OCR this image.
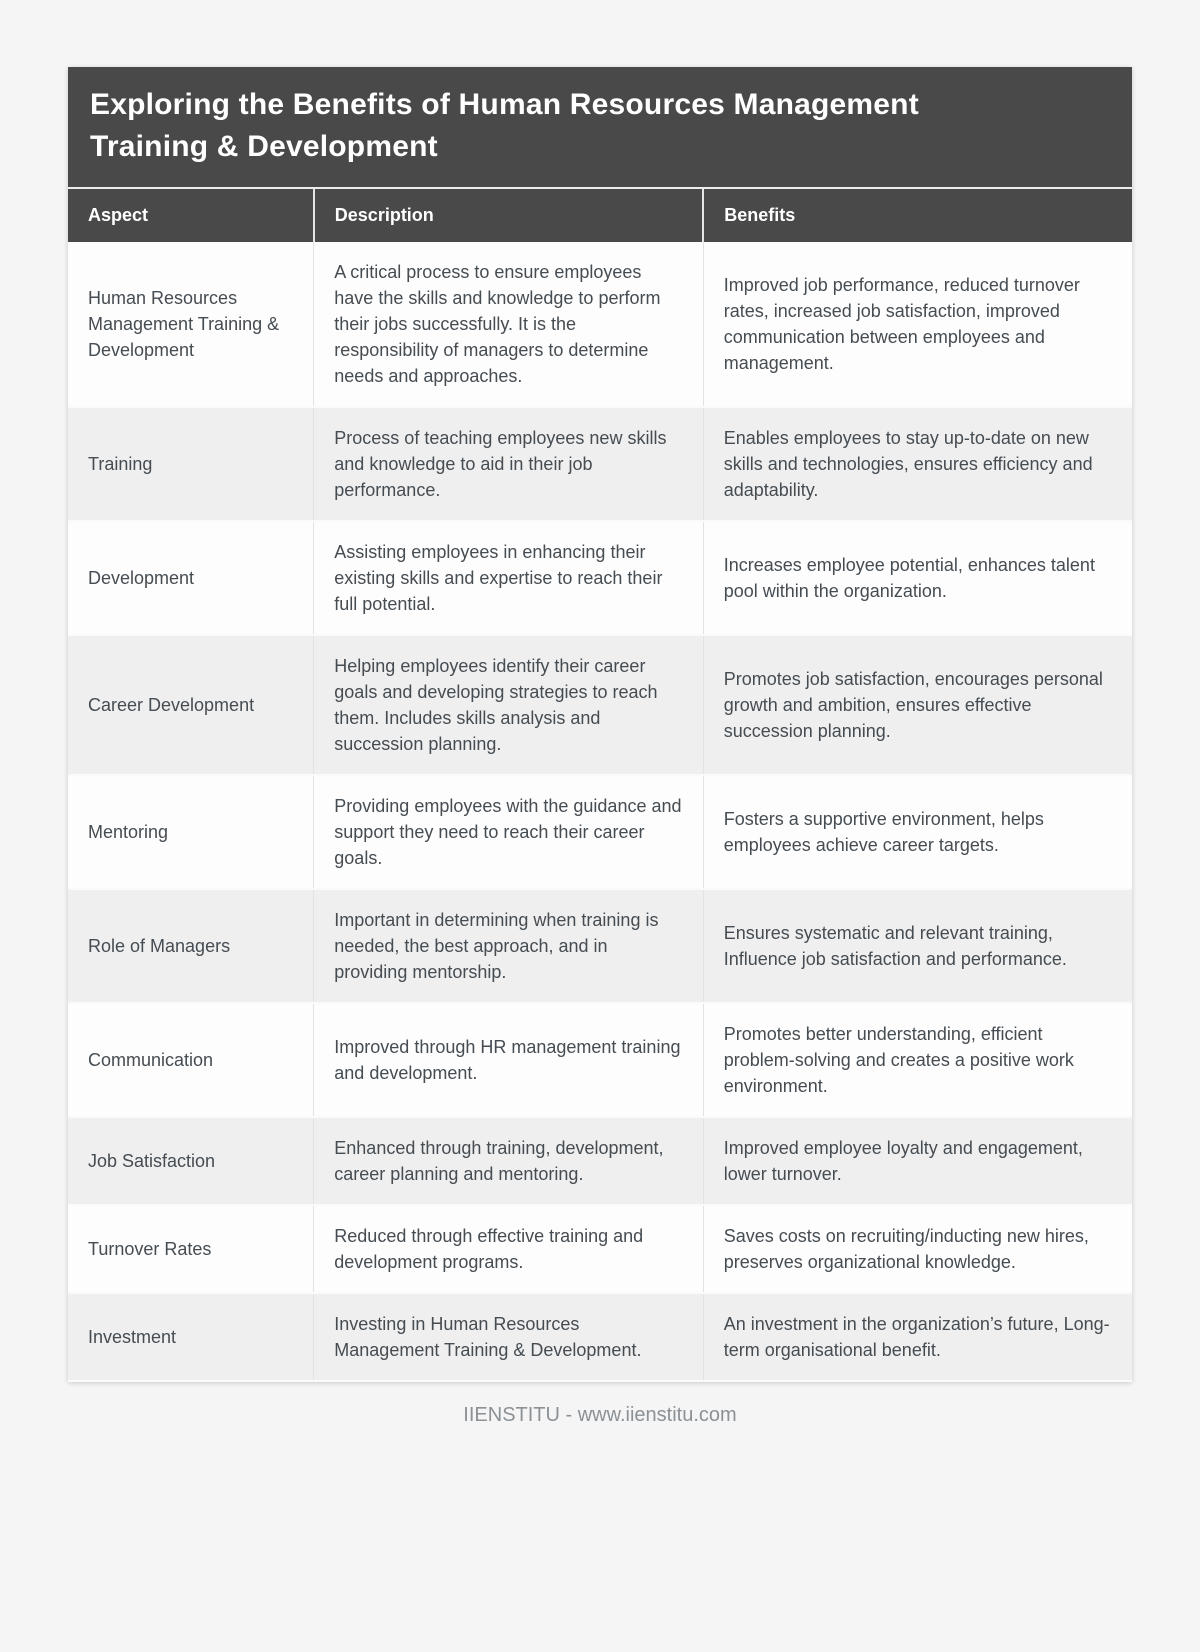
Exploring the Benefits of Human Resources Management Training & Development
Aspect	Description	Benefits
Human Resources Management Training & Development	A critical process to ensure employees have the skills and knowledge to perform their jobs successfully. It is the responsibility of managers to determine needs and approaches.	Improved job performance, reduced turnover rates, increased job satisfaction, improved communication between employees and management.
Training	Process of teaching employees new skills and knowledge to aid in their job performance.	Enables employees to stay up-to-date on new skills and technologies, ensures efficiency and adaptability.
Development	Assisting employees in enhancing their existing skills and expertise to reach their full potential.	Increases employee potential, enhances talent pool within the organization.
Career Development	Helping employees identify their career goals and developing strategies to reach them. Includes skills analysis and succession planning.	Promotes job satisfaction, encourages personal growth and ambition, ensures effective succession planning.
Mentoring	Providing employees with the guidance and support they need to reach their career goals.	Fosters a supportive environment, helps employees achieve career targets.
Role of Managers	Important in determining when training is needed, the best approach, and in providing mentorship.	Ensures systematic and relevant training, Influence job satisfaction and performance.
Communication	Improved through HR management training and development.	Promotes better understanding, efficient problem-solving and creates a positive work environment.
Job Satisfaction	Enhanced through training, development, career planning and mentoring.	Improved employee loyalty and engagement, lower turnover.
Turnover Rates	Reduced through effective training and development programs.	Saves costs on recruiting/inducting new hires, preserves organizational knowledge.
Investment	Investing in Human Resources Management Training & Development.	An investment in the organization’s future, Long-term organisational benefit.
IIENSTITU - www.iienstitu.com
